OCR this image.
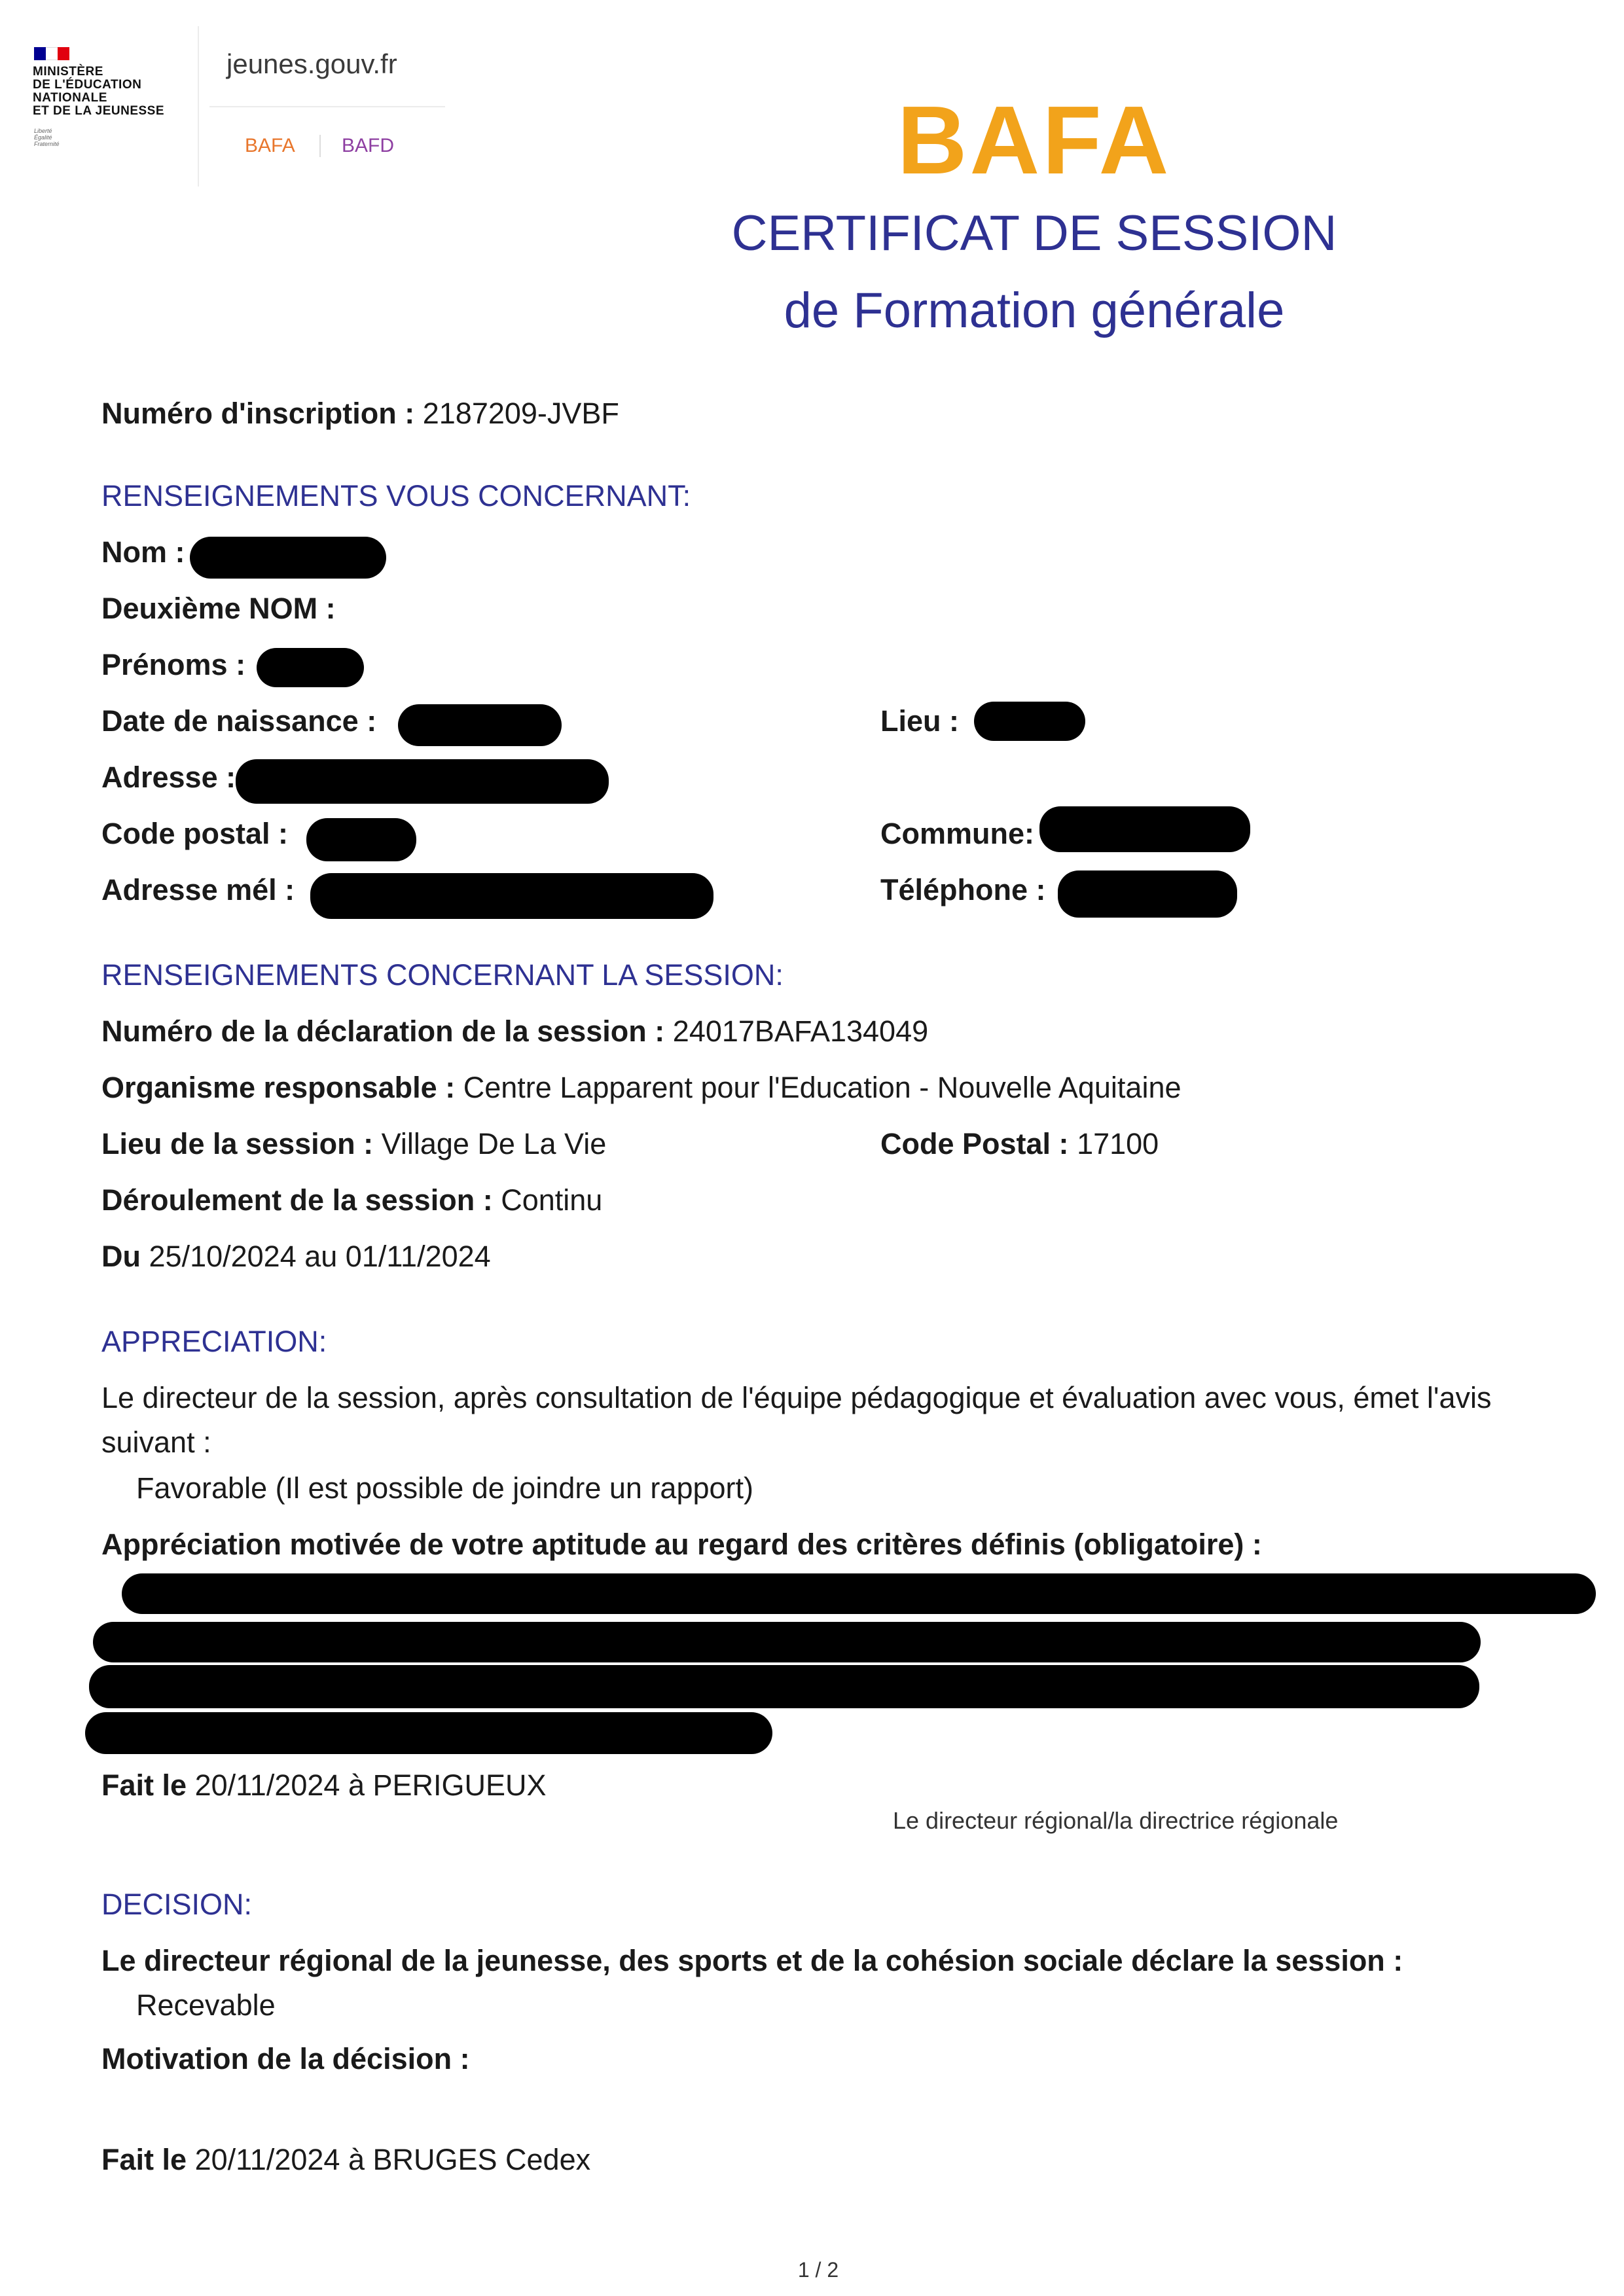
MINISTÈRE
DE L'ÉDUCATION
NATIONALE
ET DE LA JEUNESSE
Liberté
Égalité
Fraternité
jeunes.gouv.fr
BAFA BAFD	BAFA
CERTIFICAT DE SESSION
de Formation générale
Numéro d'inscription : 2187209-JVBF
RENSEIGNEMENTS VOUS CONCERNANT:
Nom :
Deuxième NOM :
Prénoms :
Date de naissance :	Lieu :
Adresse :
Code postal :	Commune:
Adresse mél :	Téléphone :
RENSEIGNEMENTS CONCERNANT LA SESSION:
Numéro de la déclaration de la session : 24017BAFA134049
Organisme responsable : Centre Lapparent pour l'Education - Nouvelle Aquitaine
Lieu de la session : Village De La Vie	Code Postal : 17100
Déroulement de la session : Continu
Du 25/10/2024 au 01/11/2024
APPRECIATION:
Le directeur de la session, après consultation de l'équipe pédagogique et évaluation avec vous, émet l'avis
suivant :
Favorable (Il est possible de joindre un rapport)
Appréciation motivée de votre aptitude au regard des critères définis (obligatoire) :
Fait le 20/11/2024 à PERIGUEUX
Le directeur régional/la directrice régionale
DECISION:
Le directeur régional de la jeunesse, des sports et de la cohésion sociale déclare la session :
Recevable
Motivation de la décision :
Fait le 20/11/2024 à BRUGES Cedex
1 / 2
